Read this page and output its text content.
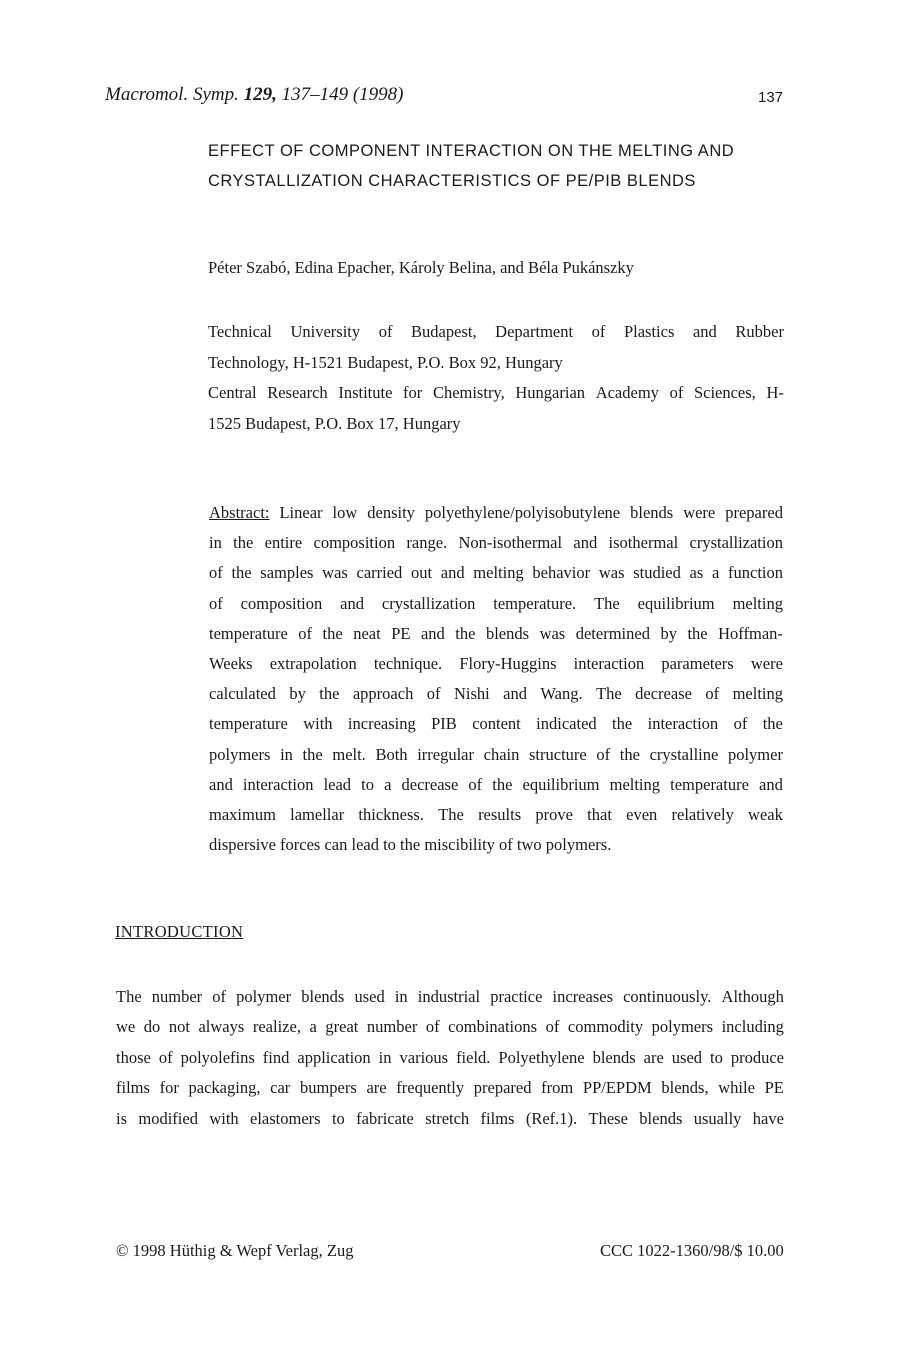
Macromol. Symp. 129, 137–149 (1998)	137
EFFECT OF COMPONENT INTERACTION ON THE MELTING AND
CRYSTALLIZATION CHARACTERISTICS OF PE/PIB BLENDS
Péter Szabó, Edina Epacher, Károly Belina, and Béla Pukánszky
Technical University of Budapest, Department of Plastics and Rubber
Technology, H-1521 Budapest, P.O. Box 92, Hungary
Central Research Institute for Chemistry, Hungarian Academy of Sciences, H-
1525 Budapest, P.O. Box 17, Hungary
Abstract: Linear low density polyethylene/polyisobutylene blends were prepared
in the entire composition range. Non-isothermal and isothermal crystallization
of the samples was carried out and melting behavior was studied as a function
of composition and crystallization temperature. The equilibrium melting
temperature of the neat PE and the blends was determined by the Hoffman-
Weeks extrapolation technique. Flory-Huggins interaction parameters were
calculated by the approach of Nishi and Wang. The decrease of melting
temperature with increasing PIB content indicated the interaction of the
polymers in the melt. Both irregular chain structure of the crystalline polymer
and interaction lead to a decrease of the equilibrium melting temperature and
maximum lamellar thickness. The results prove that even relatively weak
dispersive forces can lead to the miscibility of two polymers.
INTRODUCTION
The number of polymer blends used in industrial practice increases continuously. Although
we do not always realize, a great number of combinations of commodity polymers including
those of polyolefins find application in various field. Polyethylene blends are used to produce
films for packaging, car bumpers are frequently prepared from PP/EPDM blends, while PE
is modified with elastomers to fabricate stretch films (Ref.1). These blends usually have
© 1998 Hüthig & Wepf Verlag, Zug	CCC 1022-1360/98/$ 10.00
